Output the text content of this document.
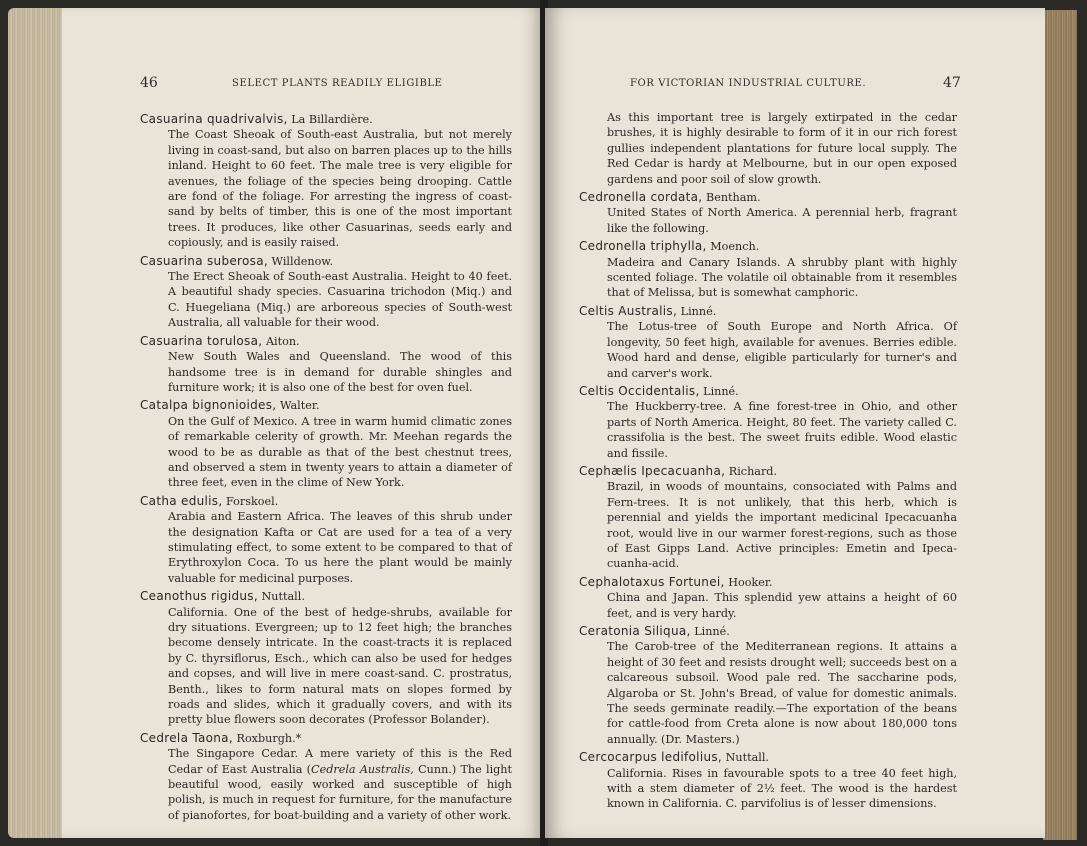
46	SELECT PLANTS READILY ELIGIBLE
Casuarina quadrivalvis, La Billardière.
The Coast Sheoak of South-east Australia, but not merely living in coast-sand, but also on barren places up to the hills inland. Height to 60 feet. The male tree is very eligible for avenues, the foliage of the species being drooping. Cattle are fond of the foliage. For arresting the ingress of coast-sand by belts of timber, this is one of the most important trees. It produces, like other Casuarinas, seeds early and copiously, and is easily raised.
Casuarina suberosa, Willdenow.
The Erect Sheoak of South-east Australia. Height to 40 feet. A beautiful shady species. Casuarina trichodon (Miq.) and C. Huegeliana (Miq.) are arboreous species of South-west Australia, all valuable for their wood.
Casuarina torulosa, Aiton.
New South Wales and Queensland. The wood of this handsome tree is in demand for durable shingles and furniture work; it is also one of the best for oven fuel.
Catalpa bignonioides, Walter.
On the Gulf of Mexico. A tree in warm humid climatic zones of remarkable celerity of growth. Mr. Meehan regards the wood to be as durable as that of the best chestnut trees, and observed a stem in twenty years to attain a diameter of three feet, even in the clime of New York.
Catha edulis, Forskoel.
Arabia and Eastern Africa. The leaves of this shrub under the designation Kafta or Cat are used for a tea of a very stimulating effect, to some extent to be compared to that of Erythroxylon Coca. To us here the plant would be mainly valuable for medicinal purposes.
Ceanothus rigidus, Nuttall.
California. One of the best of hedge-shrubs, available for dry situations. Evergreen; up to 12 feet high; the branches become densely intricate. In the coast-tracts it is replaced by C. thyrsiflorus, Esch., which can also be used for hedges and copses, and will live in mere coast-sand. C. prostratus, Benth., likes to form natural mats on slopes formed by roads and slides, which it gradually covers, and with its pretty blue flowers soon decorates (Professor Bolander).
Cedrela Taona, Roxburgh.*
The Singapore Cedar. A mere variety of this is the Red Cedar of East Australia (Cedrela Australis, Cunn.) The light beautiful wood, easily worked and susceptible of high polish, is much in request for furniture, for the manufacture of pianofortes, for boat-building and a variety of other work.
FOR VICTORIAN INDUSTRIAL CULTURE.	47
As this important tree is largely extirpated in the cedar brushes, it is highly desirable to form of it in our rich forest gullies independent plantations for future local supply. The Red Cedar is hardy at Melbourne, but in our open exposed gardens and poor soil of slow growth.
Cedronella cordata, Bentham.
United States of North America. A perennial herb, fragrant like the following.
Cedronella triphylla, Moench.
Madeira and Canary Islands. A shrubby plant with highly scented foliage. The volatile oil obtainable from it resembles that of Melissa, but is somewhat camphoric.
Celtis Australis, Linné.
The Lotus-tree of South Europe and North Africa. Of longevity, 50 feet high, available for avenues. Berries edible. Wood hard and dense, eligible particularly for turner's and and carver's work.
Celtis Occidentalis, Linné.
The Huckberry-tree. A fine forest-tree in Ohio, and other parts of North America. Height, 80 feet. The variety called C. crassifolia is the best. The sweet fruits edible. Wood elastic and fissile.
Cephælis Ipecacuanha, Richard.
Brazil, in woods of mountains, consociated with Palms and Fern-trees. It is not unlikely, that this herb, which is perennial and yields the important medicinal Ipecacuanha root, would live in our warmer forest-regions, such as those of East Gipps Land. Active principles: Emetin and Ipeca-cuanha-acid.
Cephalotaxus Fortunei, Hooker.
China and Japan. This splendid yew attains a height of 60 feet, and is very hardy.
Ceratonia Siliqua, Linné.
The Carob-tree of the Mediterranean regions. It attains a height of 30 feet and resists drought well; succeeds best on a calcareous subsoil. Wood pale red. The saccharine pods, Algaroba or St. John's Bread, of value for domestic animals. The seeds germinate readily.—The exportation of the beans for cattle-food from Creta alone is now about 180,000 tons annually. (Dr. Masters.)
Cercocarpus ledifolius, Nuttall.
California. Rises in favourable spots to a tree 40 feet high, with a stem diameter of 2½ feet. The wood is the hardest known in California. C. parvifolius is of lesser dimensions.
